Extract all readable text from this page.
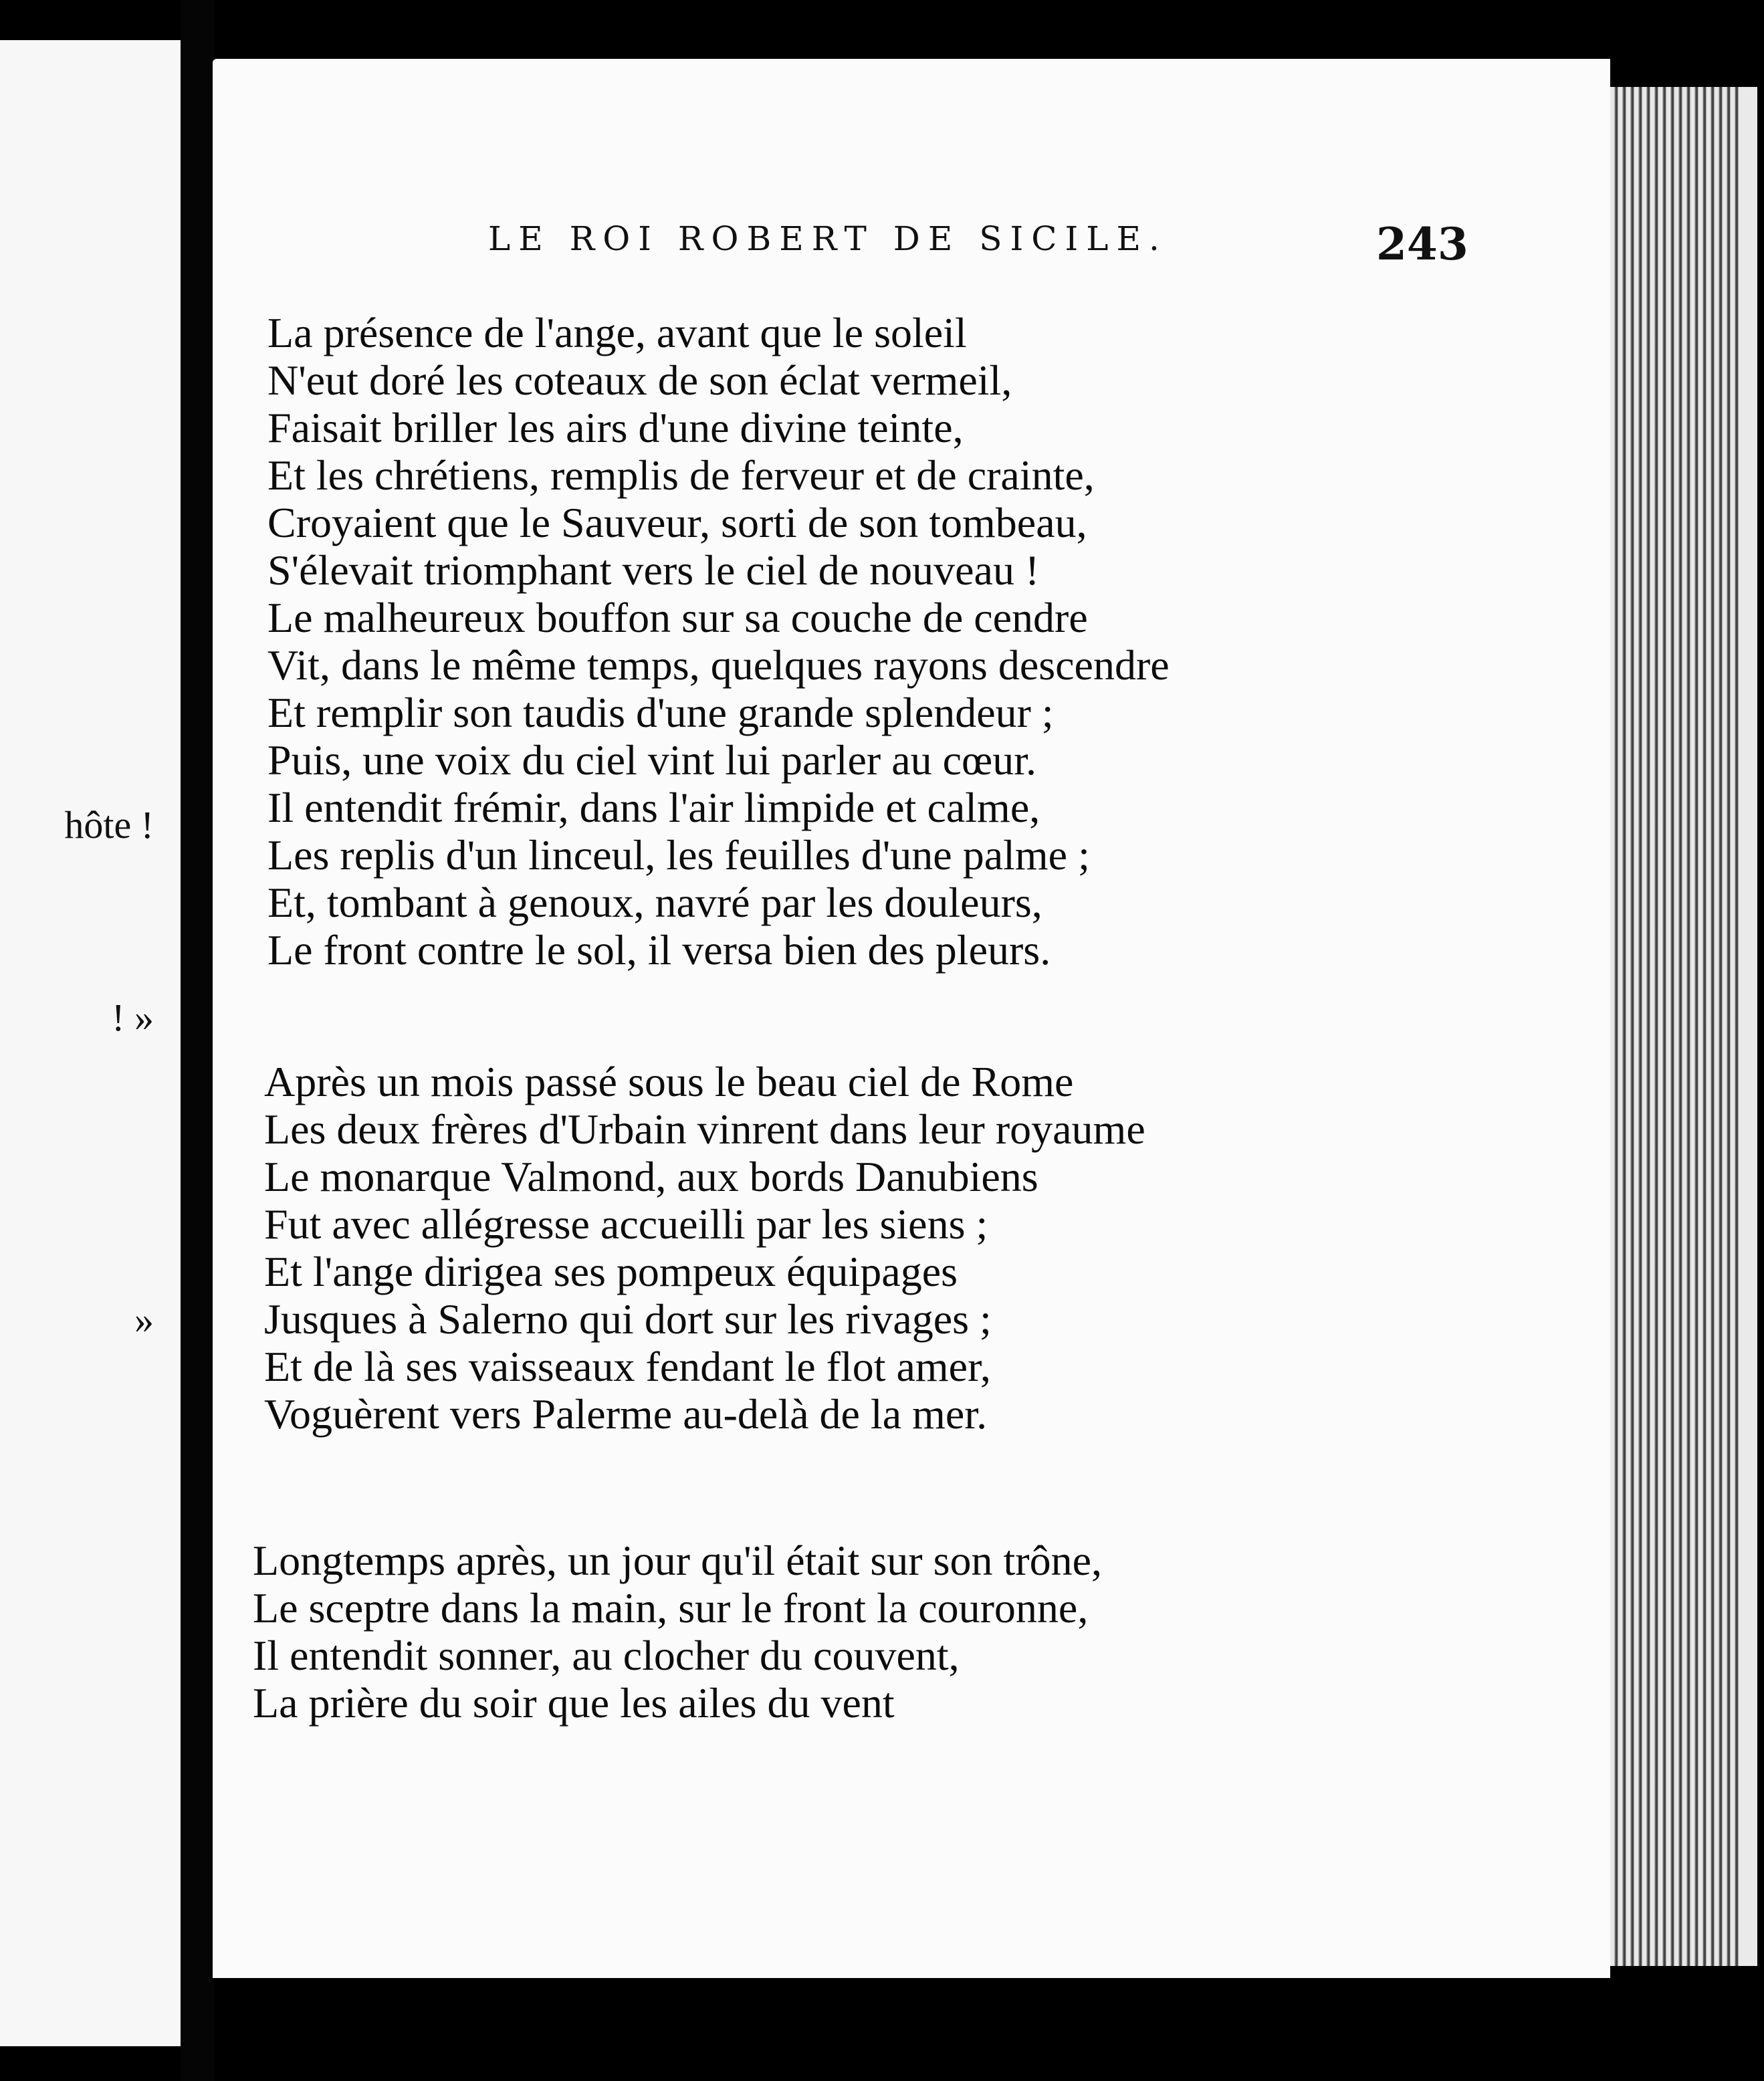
hôte !
! »
»
LE ROI ROBERT DE SICILE.	243
La présence de l'ange, avant que le soleil
N'eut doré les coteaux de son éclat vermeil,
Faisait briller les airs d'une divine teinte,
Et les chrétiens, remplis de ferveur et de crainte,
Croyaient que le Sauveur, sorti de son tombeau,
S'élevait triomphant vers le ciel de nouveau !
Le malheureux bouffon sur sa couche de cendre
Vit, dans le même temps, quelques rayons descendre
Et remplir son taudis d'une grande splendeur ;
Puis, une voix du ciel vint lui parler au cœur.
Il entendit frémir, dans l'air limpide et calme,
Les replis d'un linceul, les feuilles d'une palme ;
Et, tombant à genoux, navré par les douleurs,
Le front contre le sol, il versa bien des pleurs.
Après un mois passé sous le beau ciel de Rome
Les deux frères d'Urbain vinrent dans leur royaume
Le monarque Valmond, aux bords Danubiens
Fut avec allégresse accueilli par les siens ;
Et l'ange dirigea ses pompeux équipages
Jusques à Salerno qui dort sur les rivages ;
Et de là ses vaisseaux fendant le flot amer,
Voguèrent vers Palerme au-delà de la mer.
Longtemps après, un jour qu'il était sur son trône,
Le sceptre dans la main, sur le front la couronne,
Il entendit sonner, au clocher du couvent,
La prière du soir que les ailes du vent
